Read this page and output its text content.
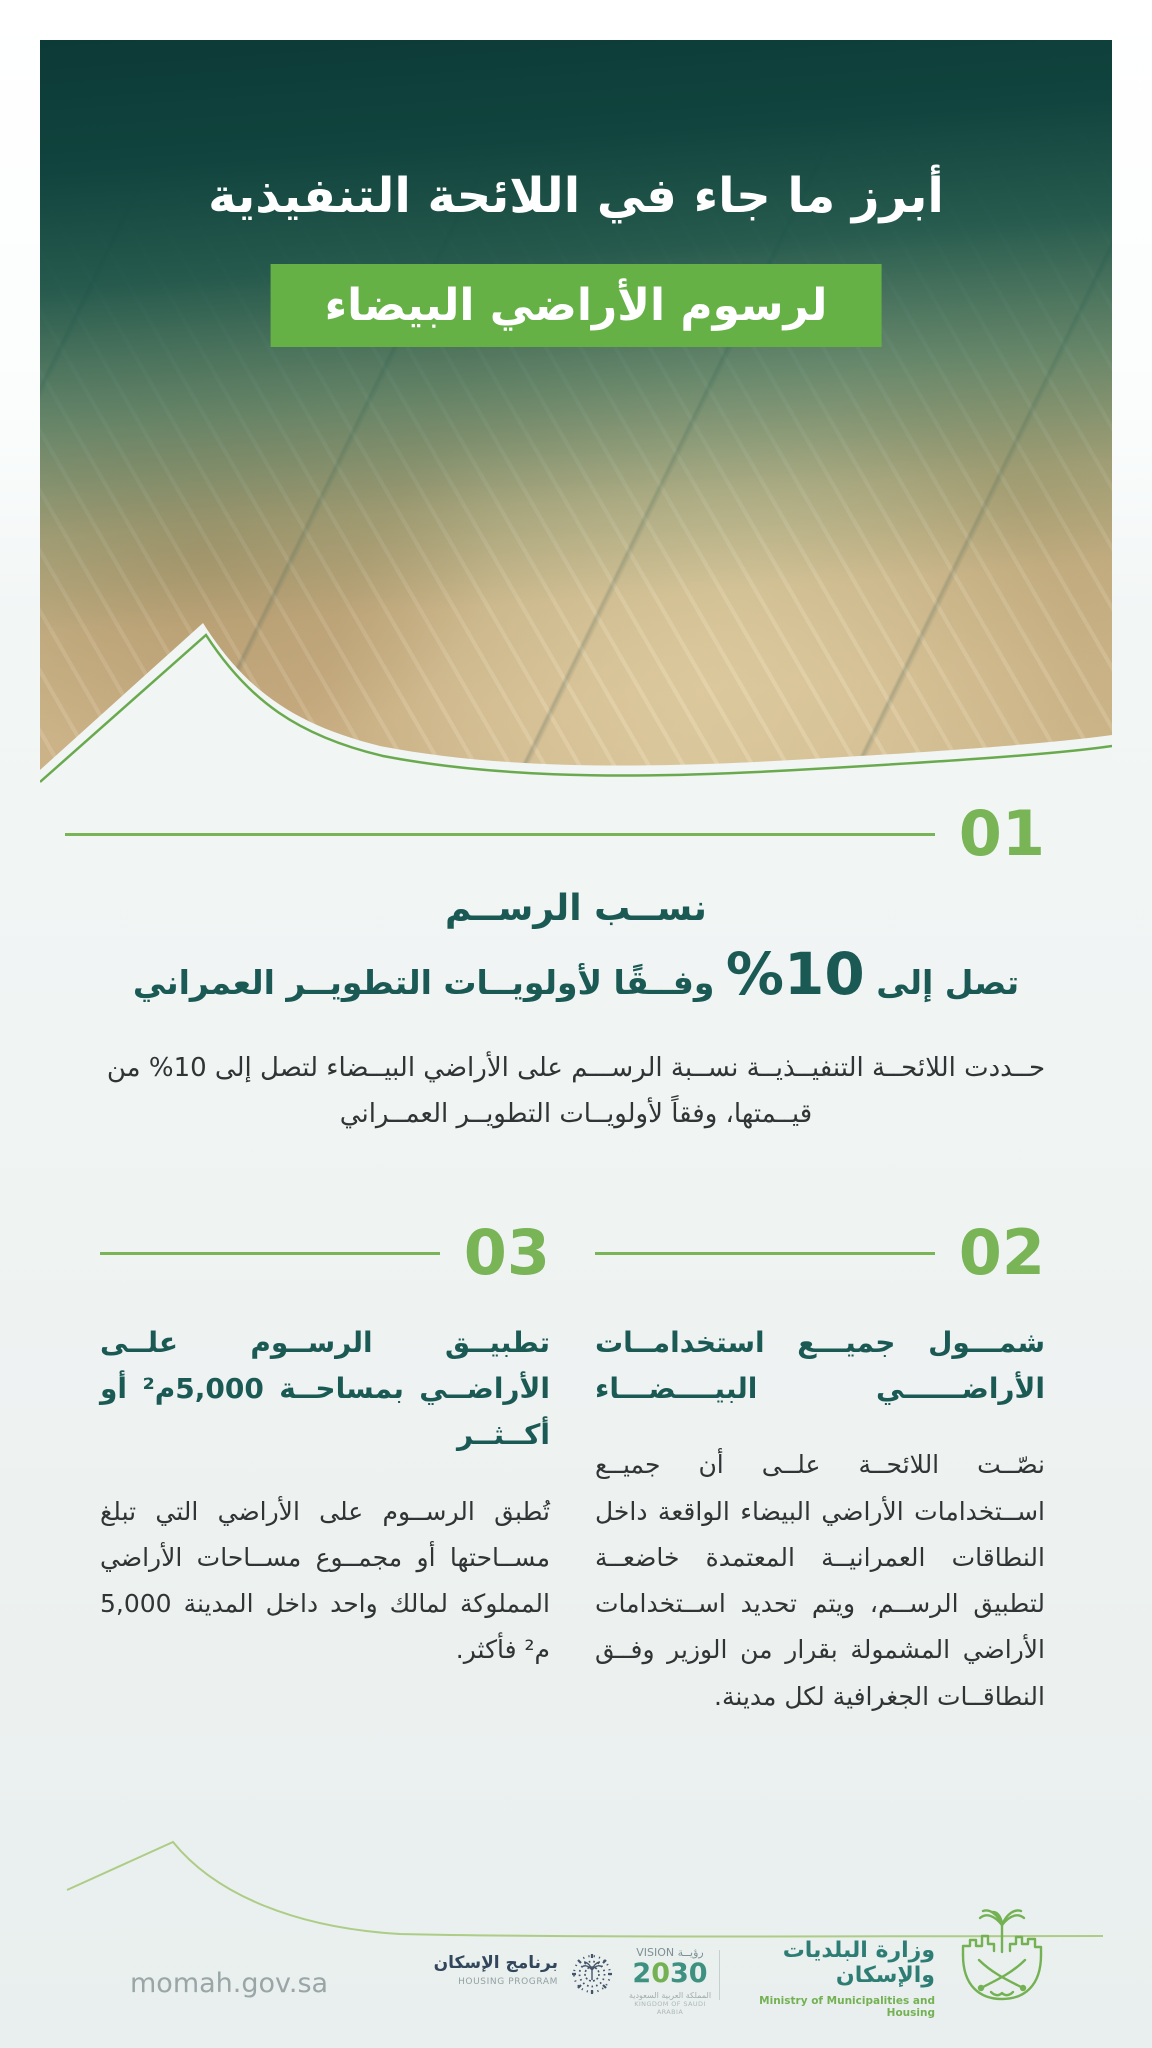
أبرز ما جاء في اللائحة التنفيذية
لرسوم الأراضي البيضاء
01
نســب الرســم
تصل إلى 10% وفــقًا لأولويــات التطويــر العمراني
حــددت اللائحــة التنفيــذيــة نســبة الرســـم على الأراضي البيــضاء لتصل إلى 10% من قيــمتها، وفقاً لأولويــات التطويــر العمــراني
02
شمـــول جميـــع استخدامــات الأراضــــــي البيــــضـــاء
نصّــت اللائحــة علــى أن جميــع اســتخدامات الأراضي البيضاء الواقعة داخل النطاقات العمرانيــة المعتمدة خاضعــة لتطبيق الرســم، ويتم تحديد اســتخدامات الأراضي المشمولة بقرار من الوزير وفــق النطاقــات الجغرافية لكل مدينة.
03
تطبيــق الرســوم علــى الأراضــي بمساحــة 5,000م² أو أكــثــر
تُطبق الرســوم على الأراضي التي تبلغ مســاحتها أو مجمــوع مســاحات الأراضي المملوكة لمالك واحد داخل المدينة 5,000 م² فأكثر.
momah.gov.sa
برنامج الإسكان
HOUSING PROGRAM
VISION رؤيــة
2030
المملكة العربية السعودية
KINGDOM OF SAUDI ARABIA
وزارة البلديات والإسكان
Ministry of Municipalities and Housing
